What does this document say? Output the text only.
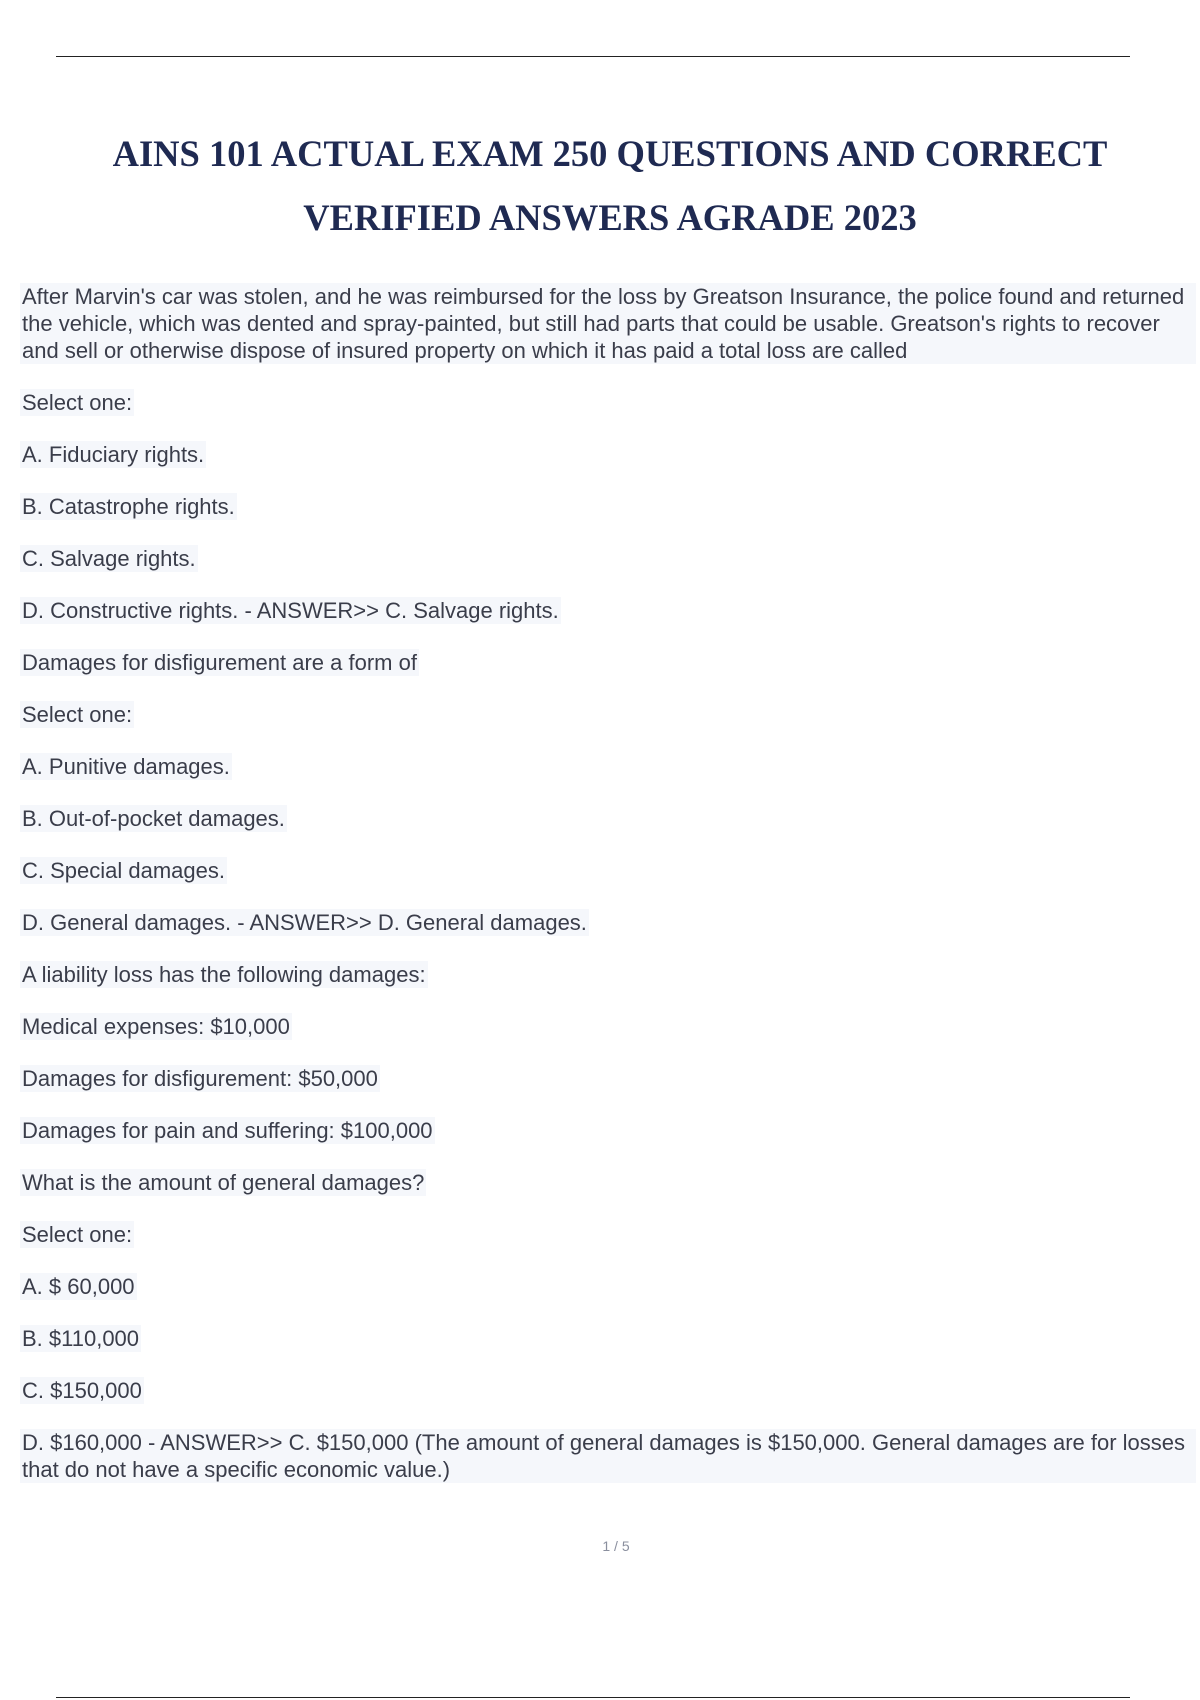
AINS 101 ACTUAL EXAM 250 QUESTIONS AND CORRECT
VERIFIED ANSWERS AGRADE 2023
After Marvin's car was stolen, and he was reimbursed for the loss by Greatson Insurance, the police found and returned the vehicle, which was dented and spray-painted, but still had parts that could be usable. Greatson's rights to recover and sell or otherwise dispose of insured property on which it has paid a total loss are called
Select one:
A. Fiduciary rights.
B. Catastrophe rights.
C. Salvage rights.
D. Constructive rights. - ANSWER>> C. Salvage rights.
Damages for disfigurement are a form of
Select one:
A. Punitive damages.
B. Out-of-pocket damages.
C. Special damages.
D. General damages. - ANSWER>> D. General damages.
A liability loss has the following damages:
Medical expenses: $10,000
Damages for disfigurement: $50,000
Damages for pain and suffering: $100,000
What is the amount of general damages?
Select one:
A. $ 60,000
B. $110,000
C. $150,000
D. $160,000 - ANSWER>> C. $150,000 (The amount of general damages is $150,000. General damages are for losses that do not have a specific economic value.)
1 / 5
